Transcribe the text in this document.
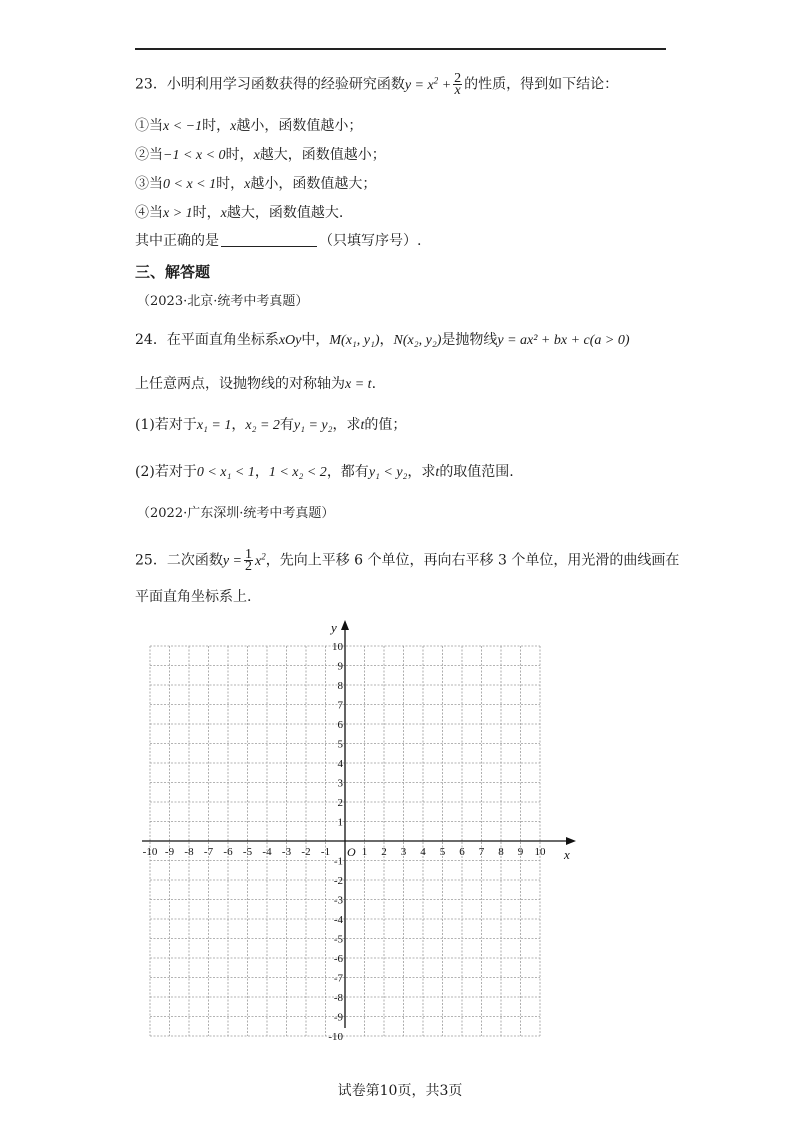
23．小明利用学习函数获得的经验研究函数$y = x^2 + \frac{2}{x}$ 的性质，得到如下结论：
①当x < −1时，x越小，函数值越小；
②当−1 < x < 0时，x越大，函数值越小；
③当0 < x < 1时，x越小，函数值越大；
④当x > 1时，x越大，函数值越大.
其中正确的是	（只填写序号）.
三、解答题
（2023·北京·统考中考真题）
24．在平面直角坐标系xOy中，M(x₁, y₁)，N(x₂, y₂)是抛物线y = ax² + bx + c(a > 0)
上任意两点，设抛物线的对称轴为x = t.
(1)若对于x₁ = 1，x₂ = 2有y₁ = y₂，求t的值；
(2)若对于0 < x₁ < 1，1 < x₂ < 2，都有y₁ < y₂，求t的取值范围.
（2022·广东深圳·统考中考真题）
25．二次函数$y = \frac{1}{2} x^2$，先向上平移 6 个单位，再向右平移 3 个单位，用光滑的曲线画在
平面直角坐标系上.
x
y
O
-10 -9 -8 -7 -6 -5 -4 -3 -2 -1	1 2 3 4 5 6 7 8 9 10
10
9
8
7
6
5
4
3
2
1
-1
-2
-3
-4
-5
-6
-7
-8
-9
-10
试卷第10页，共3页
